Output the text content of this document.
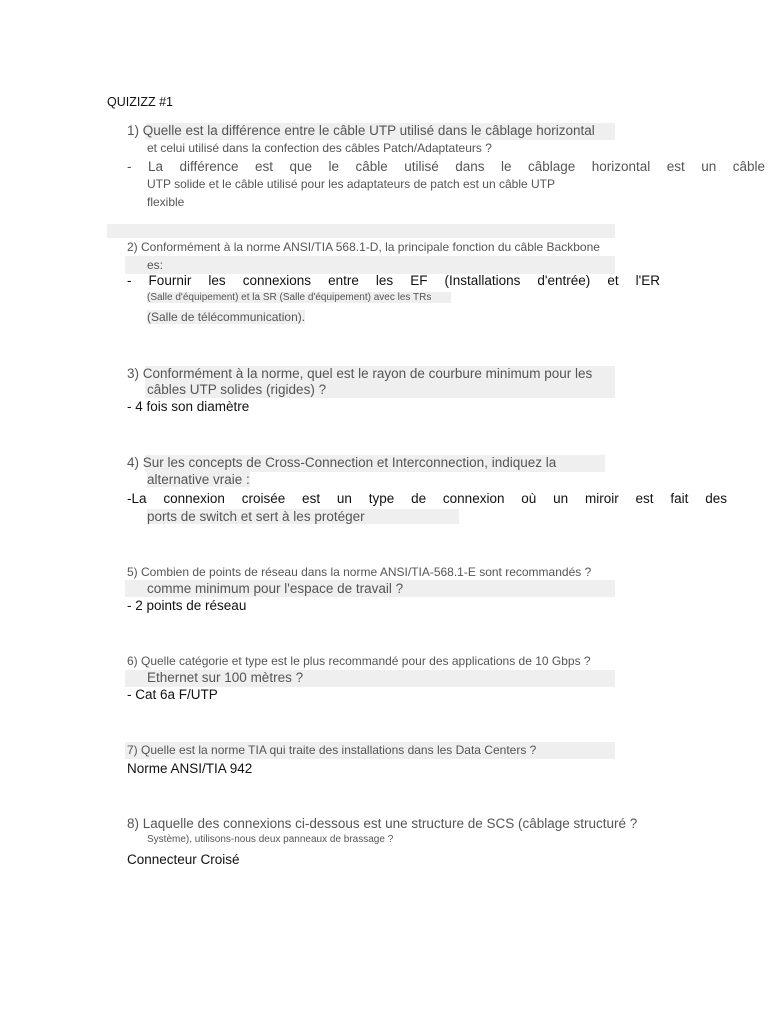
QUIZIZZ #1
1) Quelle est la différence entre le câble UTP utilisé dans le câblage horizontal
et celui utilisé dans la confection des câbles Patch/Adaptateurs ?
- La différence est que le câble utilisé dans le câblage horizontal est un câble
UTP solide et le câble utilisé pour les adaptateurs de patch est un câble UTP
flexible
2) Conformément à la norme ANSI/TIA 568.1-D, la principale fonction du câble Backbone
es:
- Fournir les connexions entre les EF (Installations d'entrée) et l'ER
(Salle d'équipement) et la SR (Salle d'équipement) avec les TRs
(Salle de télécommunication).
3) Conformément à la norme, quel est le rayon de courbure minimum pour les
câbles UTP solides (rigides) ?
- 4 fois son diamètre
4) Sur les concepts de Cross-Connection et Interconnection, indiquez la
alternative vraie :
-La connexion croisée est un type de connexion où un miroir est fait des
ports de switch et sert à les protéger
5) Combien de points de réseau dans la norme ANSI/TIA-568.1-E sont recommandés ?
comme minimum pour l'espace de travail ?
- 2 points de réseau
6) Quelle catégorie et type est le plus recommandé pour des applications de 10 Gbps ?
Ethernet sur 100 mètres ?
- Cat 6a F/UTP
7) Quelle est la norme TIA qui traite des installations dans les Data Centers ?
Norme ANSI/TIA 942
8) Laquelle des connexions ci-dessous est une structure de SCS (câblage structuré ?
Système), utilisons-nous deux panneaux de brassage ?
Connecteur Croisé
